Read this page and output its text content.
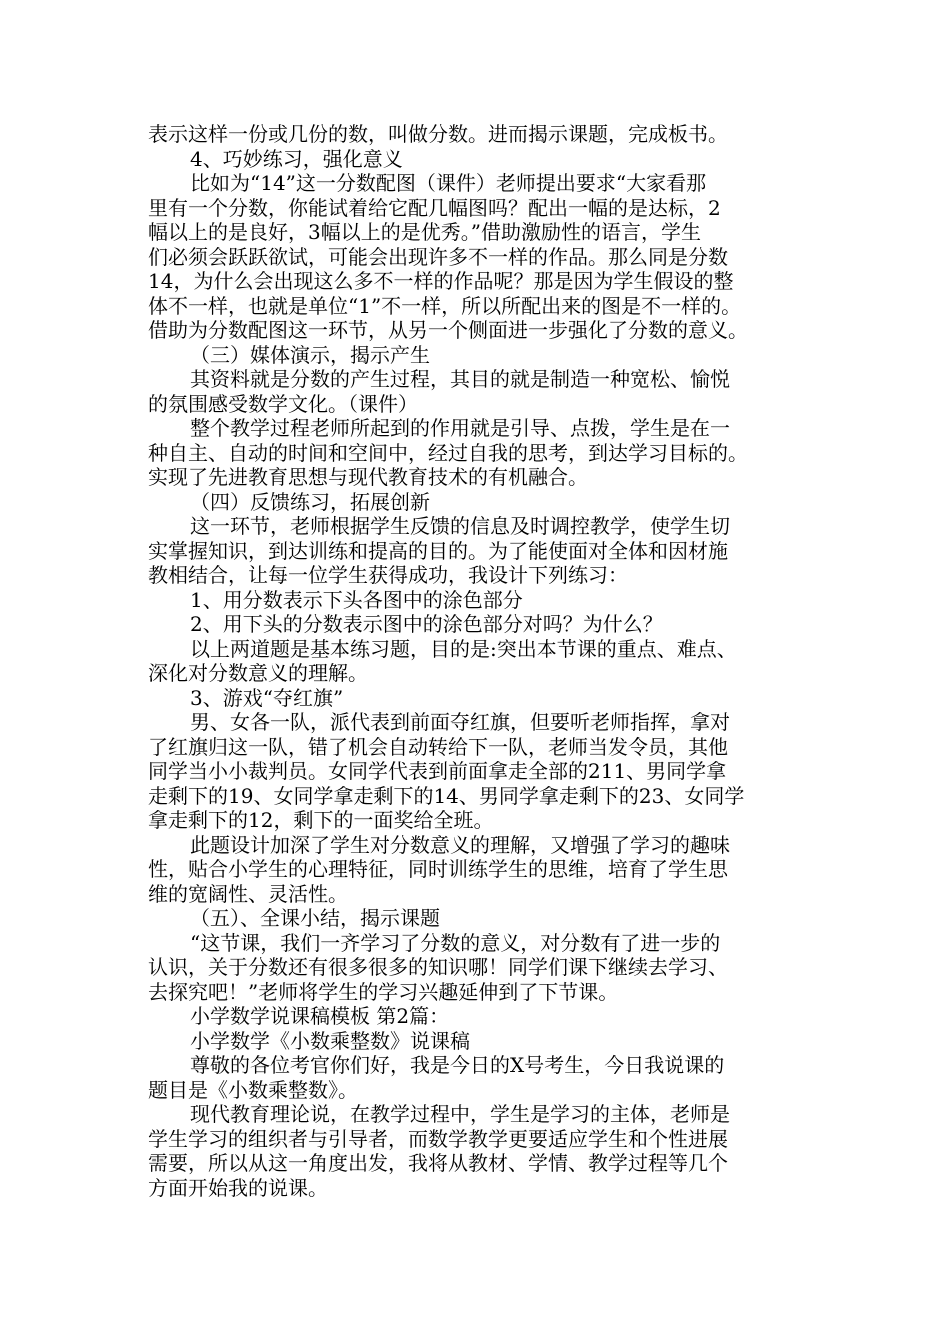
表示这样一份或几份的数，叫做分数。进而揭示课题，完成板书。

4、巧妙练习，强化意义

比如为“14”这一分数配图（课件）老师提出要求“大家看那

里有一个分数，你能试着给它配几幅图吗？配出一幅的是达标，2

幅以上的是良好，3幅以上的是优秀。”借助激励性的语言，学生

们必须会跃跃欲试，可能会出现许多不一样的作品。那么同是分数

14，为什么会出现这么多不一样的作品呢？那是因为学生假设的整

体不一样，也就是单位“1”不一样，所以所配出来的图是不一样的。

借助为分数配图这一环节，从另一个侧面进一步强化了分数的意义。

（三）媒体演示，揭示产生

其资料就是分数的产生过程，其目的就是制造一种宽松、愉悦

的氛围感受数学文化。（课件）

整个教学过程老师所起到的作用就是引导、点拨，学生是在一

种自主、自动的时间和空间中，经过自我的思考，到达学习目标的。

实现了先进教育思想与现代教育技术的有机融合。

（四）反馈练习，拓展创新

这一环节，老师根据学生反馈的信息及时调控教学，使学生切

实掌握知识，到达训练和提高的目的。为了能使面对全体和因材施

教相结合，让每一位学生获得成功，我设计下列练习：

1、用分数表示下头各图中的涂色部分

2、用下头的分数表示图中的涂色部分对吗？为什么？

以上两道题是基本练习题，目的是:突出本节课的重点、难点、

深化对分数意义的理解。

3、游戏“夺红旗”

男、女各一队，派代表到前面夺红旗，但要听老师指挥，拿对

了红旗归这一队，错了机会自动转给下一队，老师当发令员，其他

同学当小小裁判员。女同学代表到前面拿走全部的211、男同学拿

走剩下的19、女同学拿走剩下的14、男同学拿走剩下的23、女同学

拿走剩下的12，剩下的一面奖给全班。

此题设计加深了学生对分数意义的理解，又增强了学习的趣味

性，贴合小学生的心理特征，同时训练学生的思维，培育了学生思

维的宽阔性、灵活性。

（五）、全课小结，揭示课题

“这节课，我们一齐学习了分数的意义，对分数有了进一步的

认识，关于分数还有很多很多的知识哪！同学们课下继续去学习、

去探究吧！”老师将学生的学习兴趣延伸到了下节课。

小学数学说课稿模板 第2篇：

小学数学《小数乘整数》说课稿

尊敬的各位考官你们好，我是今日的X号考生，今日我说课的

题目是《小数乘整数》。

现代教育理论说，在教学过程中，学生是学习的主体，老师是

学生学习的组织者与引导者，而数学教学更要适应学生和个性进展

需要，所以从这一角度出发，我将从教材、学情、教学过程等几个

方面开始我的说课。
